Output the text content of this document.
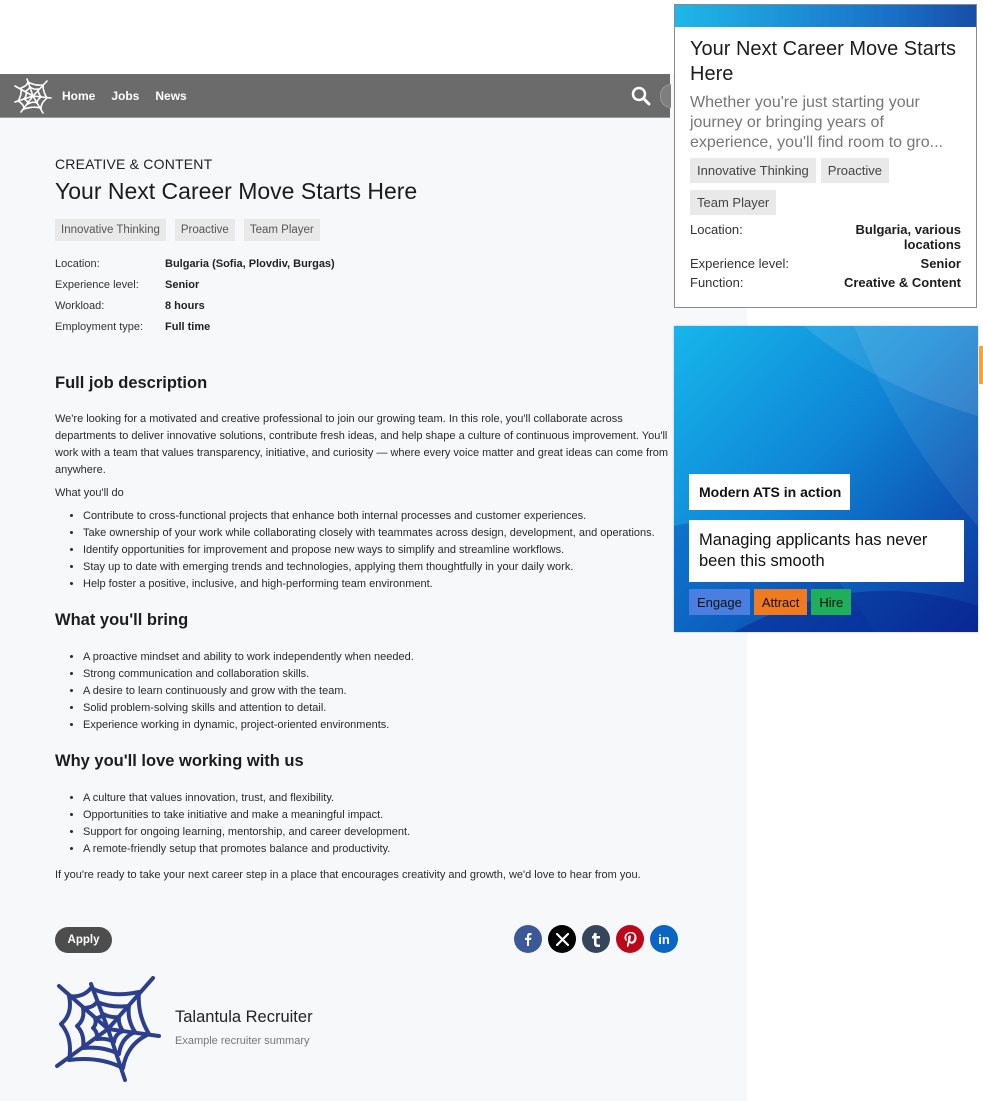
Home Jobs News
CREATIVE & CONTENT
Your Next Career Move Starts Here
Innovative Thinking	Proactive	Team Player
Location:	Bulgaria (Sofia, Plovdiv, Burgas)
Experience level:	Senior
Workload:	8 hours
Employment type:	Full time
Full job description
We're looking for a motivated and creative professional to join our growing team. In this role, you'll collaborate across departments to deliver innovative solutions, contribute fresh ideas, and help shape a culture of continuous improvement. You'll work with a team that values transparency, initiative, and curiosity — where every voice matter and great ideas can come from anywhere.
What you'll do
• Contribute to cross-functional projects that enhance both internal processes and customer experiences.
• Take ownership of your work while collaborating closely with teammates across design, development, and operations.
• Identify opportunities for improvement and propose new ways to simplify and streamline workflows.
• Stay up to date with emerging trends and technologies, applying them thoughtfully in your daily work.
• Help foster a positive, inclusive, and high-performing team environment.
What you'll bring
• A proactive mindset and ability to work independently when needed.
• Strong communication and collaboration skills.
• A desire to learn continuously and grow with the team.
• Solid problem-solving skills and attention to detail.
• Experience working in dynamic, project-oriented environments.
Why you'll love working with us
• A culture that values innovation, trust, and flexibility.
• Opportunities to take initiative and make a meaningful impact.
• Support for ongoing learning, mentorship, and career development.
• A remote-friendly setup that promotes balance and productivity.
If you're ready to take your next career step in a place that encourages creativity and growth, we'd love to hear from you.
Apply	in
Talantula Recruiter
Example recruiter summary
Your Next Career Move Starts Here
Whether you're just starting your journey or bringing years of experience, you'll find room to gro...
Innovative Thinking	Proactive
Team Player
Location:	Bulgaria, various locations
Experience level:	Senior
Function:	Creative & Content
Modern ATS in action
Managing applicants has never been this smooth
Engage	Attract	Hire
